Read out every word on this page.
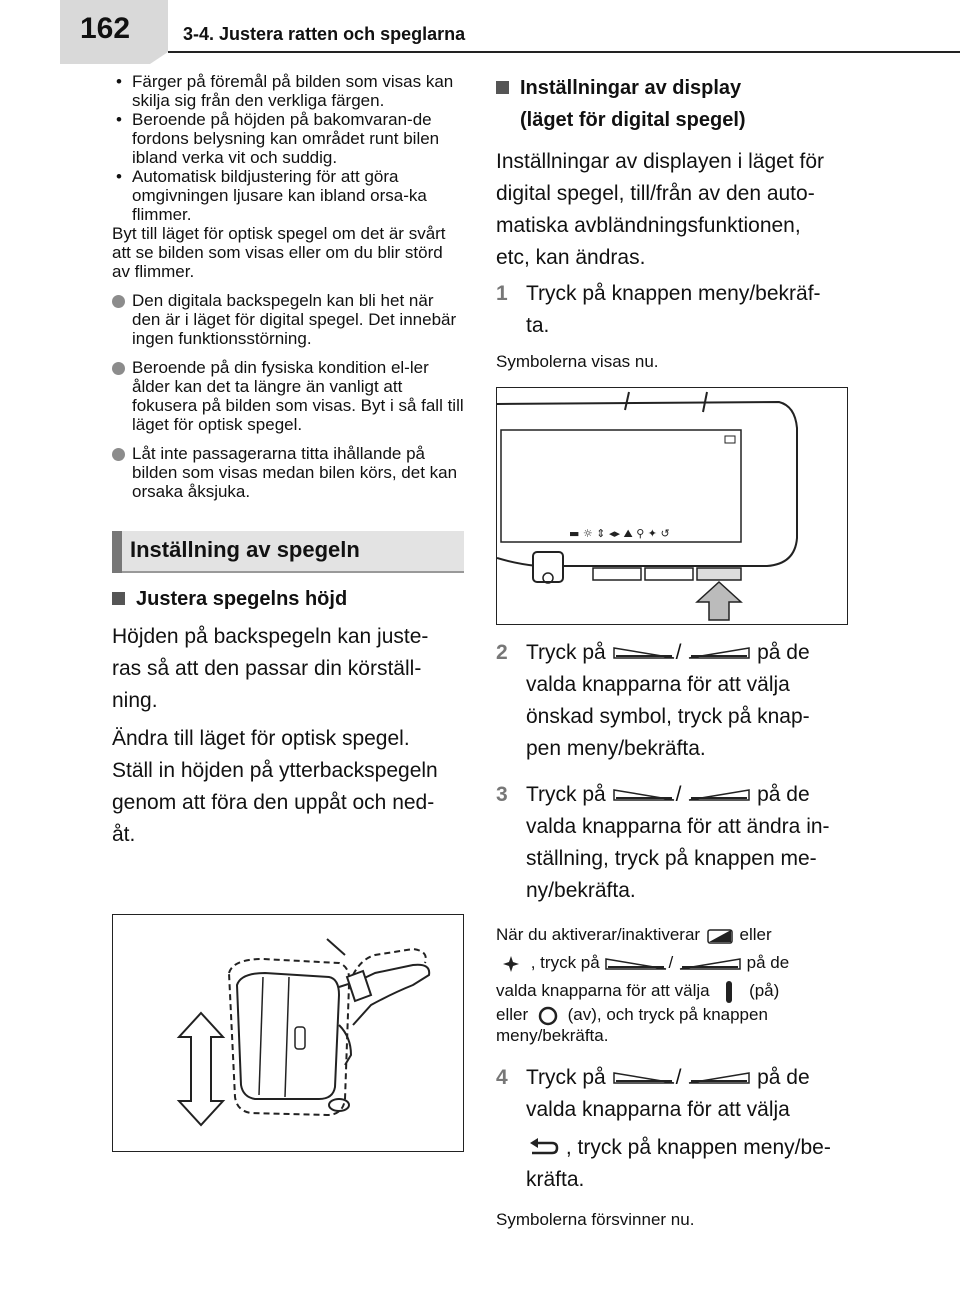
162	3-4. Justera ratten och speglarna
• Färger på föremål på bilden som visas kan skilja sig från den verkliga färgen.
• Beroende på höjden på bakomvaran-de fordons belysning kan området runt bilen ibland verka vit och suddig.
• Automatisk bildjustering för att göra omgivningen ljusare kan ibland orsa-ka flimmer.
Byt till läget för optisk spegel om det är svårt att se bilden som visas eller om du blir störd av flimmer.
Den digitala backspegeln kan bli het när den är i läget för digital spegel. Det innebär ingen funktionsstörning.
Beroende på din fysiska kondition el-ler ålder kan det ta längre än vanligt att fokusera på bilden som visas. Byt i så fall till läget för optisk spegel.
Låt inte passagerarna titta ihållande på bilden som visas medan bilen körs, det kan orsaka åksjuka.
Inställning av spegeln
Justera spegelns höjd
Höjden på backspegeln kan juste-
ras så att den passar din körställ-
ning.
Ändra till läget för optisk spegel.
Ställ in höjden på ytterbackspegeln
genom att föra den uppåt och ned-
åt.
Inställningar av display
(läget för digital spegel)
Inställningar av displayen i läget för
digital spegel, till/från av den auto-
matiska avbländningsfunktionen,
etc, kan ändras.
1 Tryck på knappen meny/bekräf-
ta.
Symbolerna visas nu.
▬ ☼ ⇕ ◂▸ ⛰ ⚲ ✦ ↺
2 Tryck på	/	på de
valda knapparna för att välja
önskad symbol, tryck på knap-
pen meny/bekräfta.
3 Tryck på	/	på de
valda knapparna för att ändra in-
ställning, tryck på knappen me-
ny/bekräfta.
När du aktiverar/inaktiverar eller
, tryck på	/	på de
valda knapparna för att välja (på)
eller (av), och tryck på knappen
meny/bekräfta.
4 Tryck på	/	på de
valda knapparna för att välja
, tryck på knappen meny/be-
kräfta.
Symbolerna försvinner nu.
